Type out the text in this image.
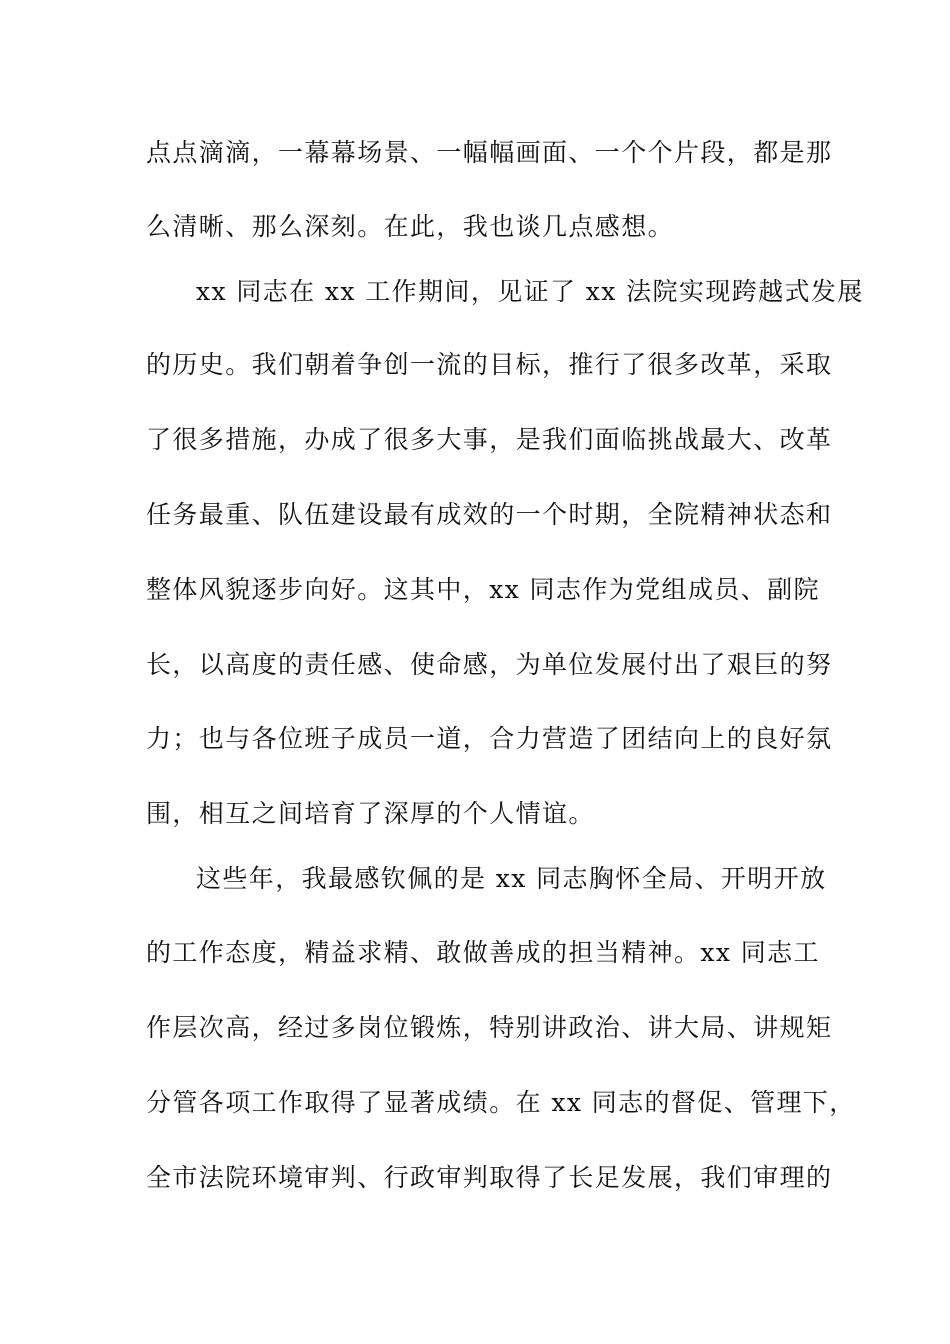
点点滴滴，一幕幕场景、一幅幅画面、一个个片段，都是那
么清晰、那么深刻。在此，我也谈几点感想。
xx 同志在 xx 工作期间，见证了 xx 法院实现跨越式发展
的历史。我们朝着争创一流的目标，推行了很多改革，采取
了很多措施，办成了很多大事，是我们面临挑战最大、改革
任务最重、队伍建设最有成效的一个时期，全院精神状态和
整体风貌逐步向好。这其中，xx 同志作为党组成员、副院
长，以高度的责任感、使命感，为单位发展付出了艰巨的努
力；也与各位班子成员一道，合力营造了团结向上的良好氛
围，相互之间培育了深厚的个人情谊。
这些年，我最感钦佩的是 xx 同志胸怀全局、开明开放
的工作态度，精益求精、敢做善成的担当精神。xx 同志工
作层次高，经过多岗位锻炼，特别讲政治、讲大局、讲规矩
分管各项工作取得了显著成绩。在 xx 同志的督促、管理下，
全市法院环境审判、行政审判取得了长足发展，我们审理的
